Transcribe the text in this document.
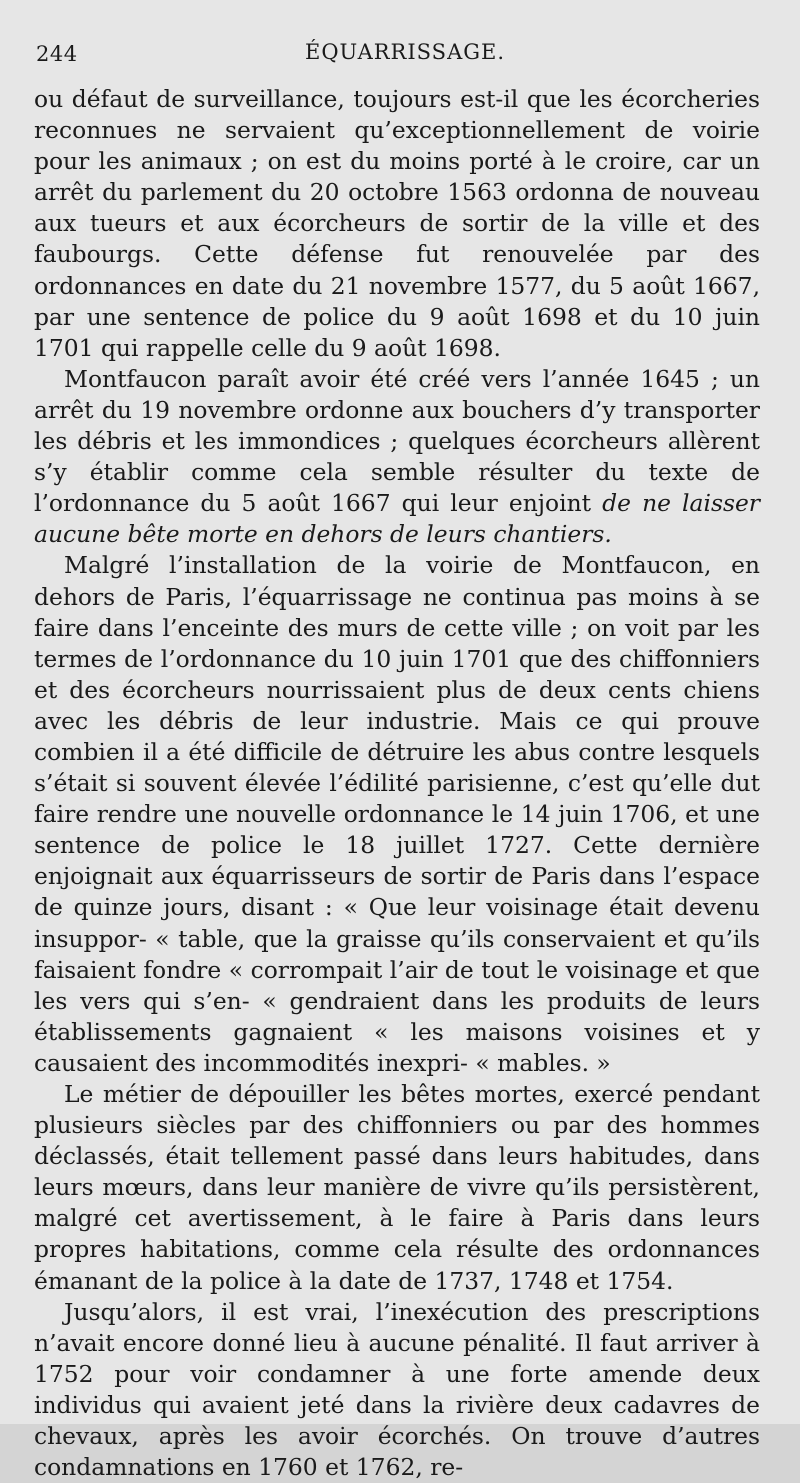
244	ÉQUARRISSAGE.

ou défaut de surveillance, toujours est-il que les écorcheries reconnues ne servaient qu’exceptionnellement de voirie pour les animaux ; on est du moins porté à le croire, car un arrêt du parlement du 20 octobre 1563 ordonna de nouveau aux tueurs et aux écorcheurs de sortir de la ville et des faubourgs. Cette défense fut renouvelée par des ordonnances en date du 21 novembre 1577, du 5 août 1667, par une sentence de police du 9 août 1698 et du 10 juin 1701 qui rappelle celle du 9 août 1698.

Montfaucon paraît avoir été créé vers l’année 1645 ; un arrêt du 19 novembre ordonne aux bouchers d’y transporter les débris et les immondices ; quelques écorcheurs allèrent s’y établir comme cela semble résulter du texte de l’ordonnance du 5 août 1667 qui leur enjoint de ne laisser aucune bête morte en dehors de leurs chantiers.

Malgré l’installation de la voirie de Montfaucon, en dehors de Paris, l’équarrissage ne continua pas moins à se faire dans l’enceinte des murs de cette ville ; on voit par les termes de l’ordonnance du 10 juin 1701 que des chiffonniers et des écorcheurs nourrissaient plus de deux cents chiens avec les débris de leur industrie. Mais ce qui prouve combien il a été difficile de détruire les abus contre lesquels s’était si souvent élevée l’édilité parisienne, c’est qu’elle dut faire rendre une nouvelle ordonnance le 14 juin 1706, et une sentence de police le 18 juillet 1727. Cette dernière enjoignait aux équarrisseurs de sortir de Paris dans l’espace de quinze jours, disant : « Que leur voisinage était devenu insuppor- « table, que la graisse qu’ils conservaient et qu’ils faisaient fondre « corrompait l’air de tout le voisinage et que les vers qui s’en- « gendraient dans les produits de leurs établissements gagnaient « les maisons voisines et y causaient des incommodités inexpri- « mables. »

Le métier de dépouiller les bêtes mortes, exercé pendant plusieurs siècles par des chiffonniers ou par des hommes déclassés, était tellement passé dans leurs habitudes, dans leurs mœurs, dans leur manière de vivre qu’ils persistèrent, malgré cet avertissement, à le faire à Paris dans leurs propres habitations, comme cela résulte des ordonnances émanant de la police à la date de 1737, 1748 et 1754.

Jusqu’alors, il est vrai, l’inexécution des prescriptions n’avait encore donné lieu à aucune pénalité. Il faut arriver à 1752 pour voir condamner à une forte amende deux individus qui avaient jeté dans la rivière deux cadavres de chevaux, après les avoir écorchés. On trouve d’autres condamnations en 1760 et 1762, re-
